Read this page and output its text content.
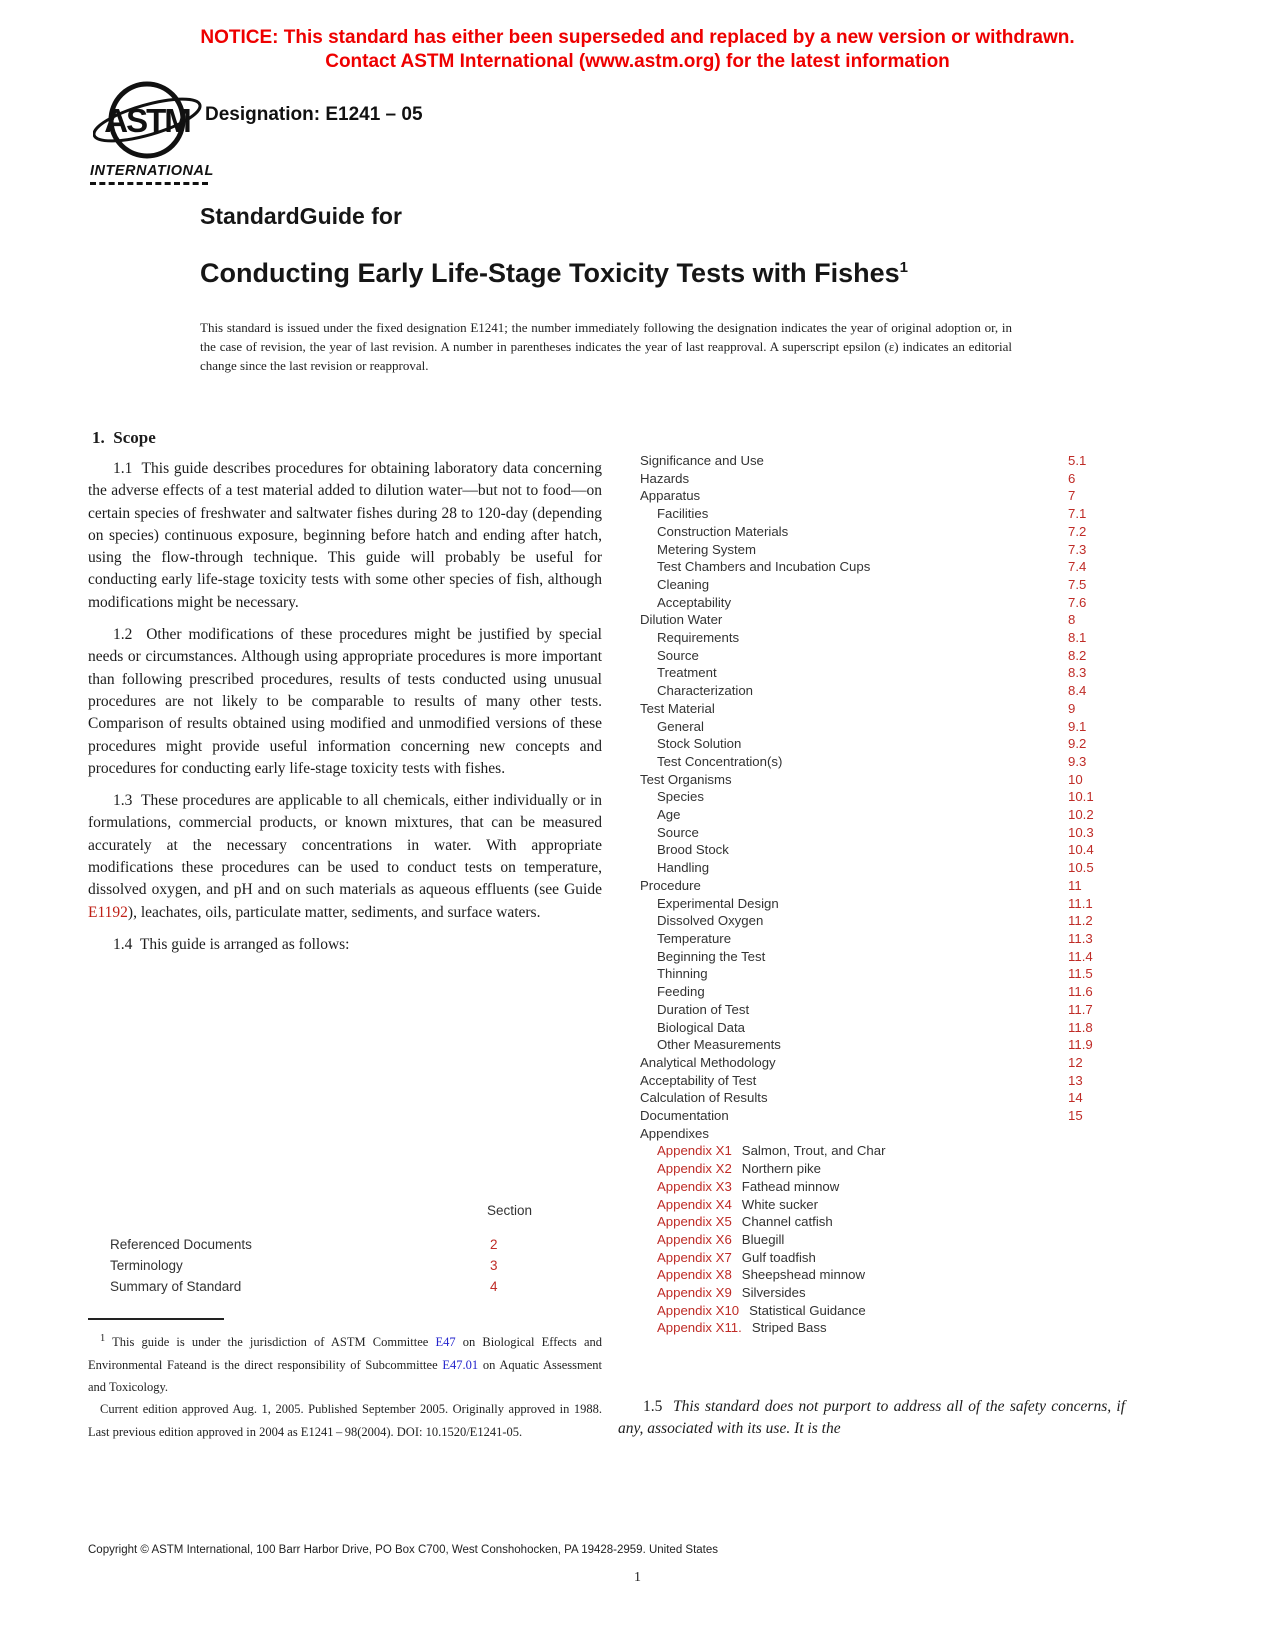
NOTICE: This standard has either been superseded and replaced by a new version or withdrawn.
Contact ASTM International (www.astm.org) for the latest information
ASTM
INTERNATIONAL
Designation: E1241 – 05
StandardGuide for
Conducting Early Life-Stage Toxicity Tests with Fishes$^1$
This standard is issued under the fixed designation E1241; the number immediately following the designation indicates the year of original adoption or, in the case of revision, the year of last revision. A number in parentheses indicates the year of last reapproval. A superscript epsilon (ε) indicates an editorial change since the last revision or reapproval.
1.  Scope

1.1  This guide describes procedures for obtaining laboratory data concerning the adverse effects of a test material added to dilution water—but not to food—on certain species of freshwater and saltwater fishes during 28 to 120-day (depending on species) continuous exposure, beginning before hatch and ending after hatch, using the flow-through technique. This guide will probably be useful for conducting early life-stage toxicity tests with some other species of fish, although modifications might be necessary.

1.2  Other modifications of these procedures might be justified by special needs or circumstances. Although using appropriate procedures is more important than following prescribed procedures, results of tests conducted using unusual procedures are not likely to be comparable to results of many other tests. Comparison of results obtained using modified and unmodified versions of these procedures might provide useful information concerning new concepts and procedures for conducting early life-stage toxicity tests with fishes.

1.3  These procedures are applicable to all chemicals, either individually or in formulations, commercial products, or known mixtures, that can be measured accurately at the necessary concentrations in water. With appropriate modifications these procedures can be used to conduct tests on temperature, dissolved oxygen, and pH and on such materials as aqueous effluents (see Guide E1192), leachates, oils, particulate matter, sediments, and surface waters.

1.4  This guide is arranged as follows:

Section
Referenced Documents	2
Terminology	3
Summary of Standard	4

$^1$ This guide is under the jurisdiction of ASTM Committee E47 on Biological Effects and Environmental Fateand is the direct responsibility of Subcommittee E47.01 on Aquatic Assessment and Toxicology.

Current edition approved Aug. 1, 2005. Published September 2005. Originally approved in 1988. Last previous edition approved in 2004 as E1241 – 98(2004). DOI: 10.1520/E1241-05.

Significance and Use	5.1
Hazards	6
Apparatus	7
Facilities	7.1
Construction Materials	7.2
Metering System	7.3
Test Chambers and Incubation Cups	7.4
Cleaning	7.5
Acceptability	7.6
Dilution Water	8
Requirements	8.1
Source	8.2
Treatment	8.3
Characterization	8.4
Test Material	9
General	9.1
Stock Solution	9.2
Test Concentration(s)	9.3
Test Organisms	10
Species	10.1
Age	10.2
Source	10.3
Brood Stock	10.4
Handling	10.5
Procedure	11
Experimental Design	11.1
Dissolved Oxygen	11.2
Temperature	11.3
Beginning the Test	11.4
Thinning	11.5
Feeding	11.6
Duration of Test	11.7
Biological Data	11.8
Other Measurements	11.9
Analytical Methodology	12
Acceptability of Test	13
Calculation of Results	14
Documentation	15
Appendixes
Appendix X1 Salmon, Trout, and Char
Appendix X2 Northern pike
Appendix X3 Fathead minnow
Appendix X4 White sucker
Appendix X5 Channel catfish
Appendix X6 Bluegill
Appendix X7 Gulf toadfish
Appendix X8 Sheepshead minnow
Appendix X9 Silversides
Appendix X10 Statistical Guidance
Appendix X11. Striped Bass
1.5  This standard does not purport to address all of the safety concerns, if any, associated with its use. It is the
Copyright © ASTM International, 100 Barr Harbor Drive, PO Box C700, West Conshohocken, PA 19428-2959. United States
1
